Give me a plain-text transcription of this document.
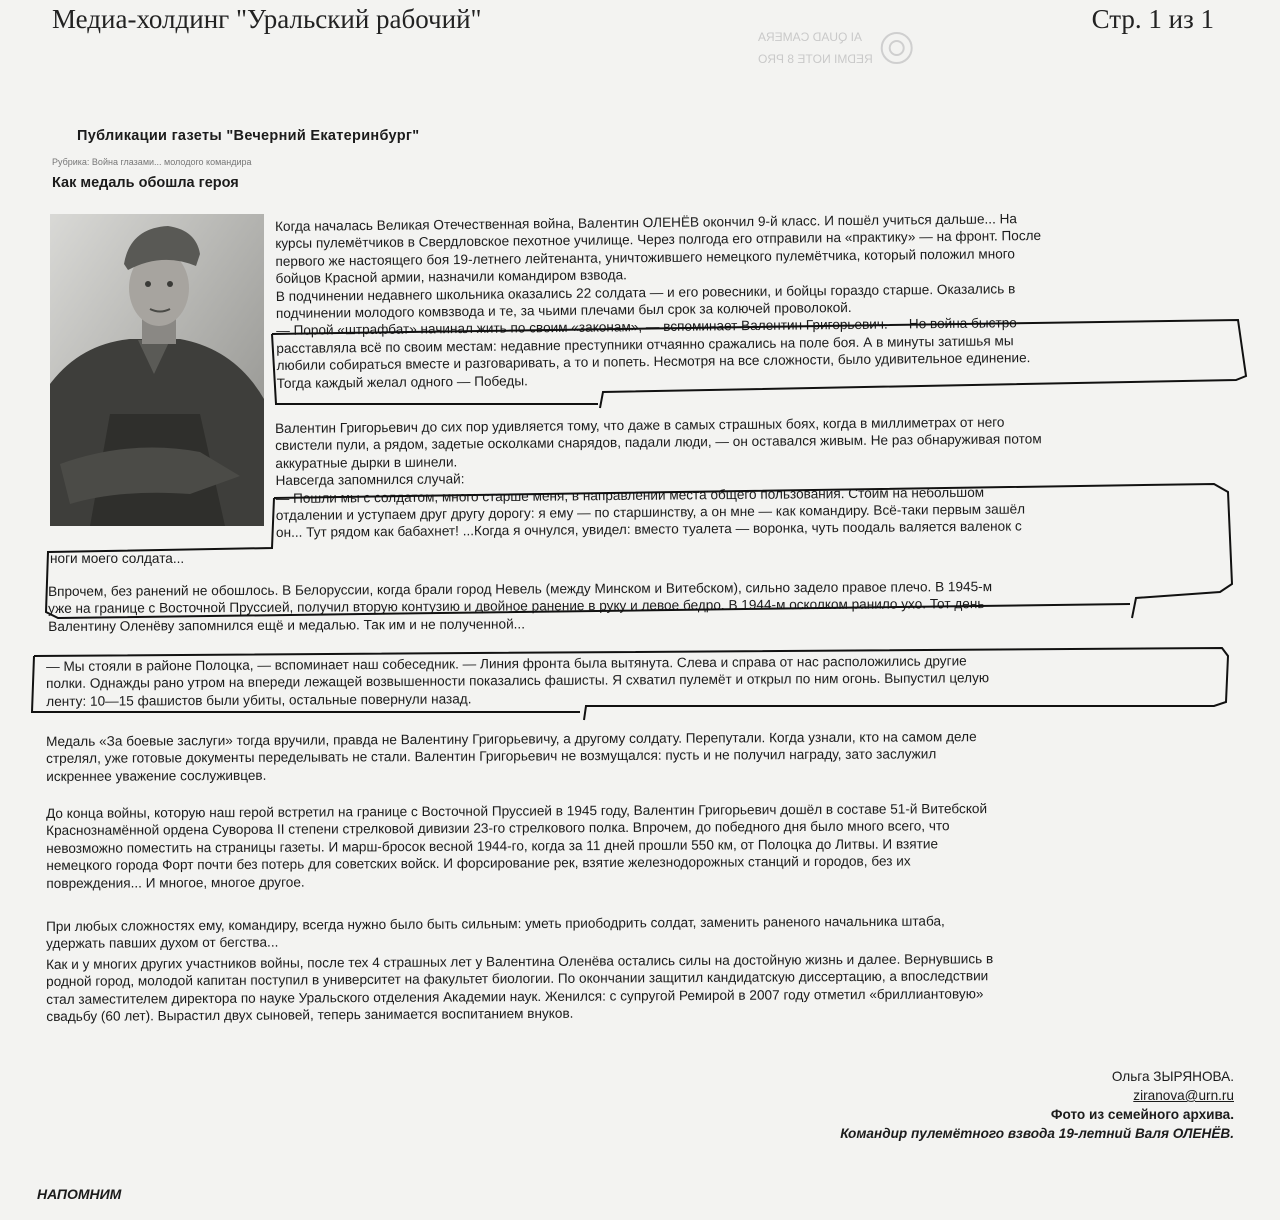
Медиа-холдинг "Уральский рабочий"	Стр. 1 из 1
AI QUAD CAMERA
REDMI NOTE 8 PRO
Публикации газеты "Вечерний Екатеринбург"
Рубрика: Война глазами... молодого командира
Как медаль обошла героя
Когда началась Великая Отечественная война, Валентин ОЛЕНЁВ окончил 9-й класс. И пошёл учиться дальше... На
курсы пулемётчиков в Свердловское пехотное училище. Через полгода его отправили на «практику» — на фронт. После
первого же настоящего боя 19-летнего лейтенанта, уничтожившего немецкого пулемётчика, который положил много
бойцов Красной армии, назначили командиром взвода.
В подчинении недавнего школьника оказались 22 солдата — и его ровесники, и бойцы гораздо старше. Оказались в
подчинении молодого комвзвода и те, за чьими плечами был срок за колючей проволокой.
— Порой «штрафбат» начинал жить по своим «законам», — вспоминает Валентин Григорьевич. — Но война быстро
расставляла всё по своим местам: недавние преступники отчаянно сражались на поле боя. А в минуты затишья мы
любили собираться вместе и разговаривать, а то и попеть. Несмотря на все сложности, было удивительное единение.
Тогда каждый желал одного — Победы.
Валентин Григорьевич до сих пор удивляется тому, что даже в самых страшных боях, когда в миллиметрах от него
свистели пули, а рядом, задетые осколками снарядов, падали люди, — он оставался живым. Не раз обнаруживая потом
аккуратные дырки в шинели.
Навсегда запомнился случай:
— Пошли мы с солдатом, много старше меня, в направлении места общего пользования. Стоим на небольшом
отдалении и уступаем друг другу дорогу: я ему — по старшинству, а он мне — как командиру. Всё-таки первым зашёл
он... Тут рядом как бабахнет! ...Когда я очнулся, увидел: вместо туалета — воронка, чуть поодаль валяется валенок с
ноги моего солдата...
Впрочем, без ранений не обошлось. В Белоруссии, когда брали город Невель (между Минском и Витебском), сильно задело правое плечо. В 1945-м
уже на границе с Восточной Пруссией, получил вторую контузию и двойное ранение в руку и левое бедро. В 1944-м осколком ранило ухо. Тот день
Валентину Оленёву запомнился ещё и медалью. Так им и не полученной...
— Мы стояли в районе Полоцка, — вспоминает наш собеседник. — Линия фронта была вытянута. Слева и справа от нас расположились другие
полки. Однажды рано утром на впереди лежащей возвышенности показались фашисты. Я схватил пулемёт и открыл по ним огонь. Выпустил целую
ленту: 10—15 фашистов были убиты, остальные повернули назад.
Медаль «За боевые заслуги» тогда вручили, правда не Валентину Григорьевичу, а другому солдату. Перепутали. Когда узнали, кто на самом деле
стрелял, уже готовые документы переделывать не стали. Валентин Григорьевич не возмущался: пусть и не получил награду, зато заслужил
искреннее уважение сослуживцев.
До конца войны, которую наш герой встретил на границе с Восточной Пруссией в 1945 году, Валентин Григорьевич дошёл в составе 51-й Витебской
Краснознамённой ордена Суворова II степени стрелковой дивизии 23-го стрелкового полка. Впрочем, до победного дня было много всего, что
невозможно поместить на страницы газеты. И марш-бросок весной 1944-го, когда за 11 дней прошли 550 км, от Полоцка до Литвы. И взятие
немецкого города Форт почти без потерь для советских войск. И форсирование рек, взятие железнодорожных станций и городов, без их
повреждения... И многое, многое другое.
При любых сложностях ему, командиру, всегда нужно было быть сильным: уметь приободрить солдат, заменить раненого начальника штаба,
удержать павших духом от бегства...
Как и у многих других участников войны, после тех 4 страшных лет у Валентина Оленёва остались силы на достойную жизнь и далее. Вернувшись в
родной город, молодой капитан поступил в университет на факультет биологии. По окончании защитил кандидатскую диссертацию, а впоследствии
стал заместителем директора по науке Уральского отделения Академии наук. Женился: с супругой Ремирой в 2007 году отметил «бриллиантовую»
свадьбу (60 лет). Вырастил двух сыновей, теперь занимается воспитанием внуков.
Ольга ЗЫРЯНОВА.
ziranova@urn.ru
Фото из семейного архива.
Командир пулемётного взвода 19-летний Валя ОЛЕНЁВ.
НАПОМНИМ
